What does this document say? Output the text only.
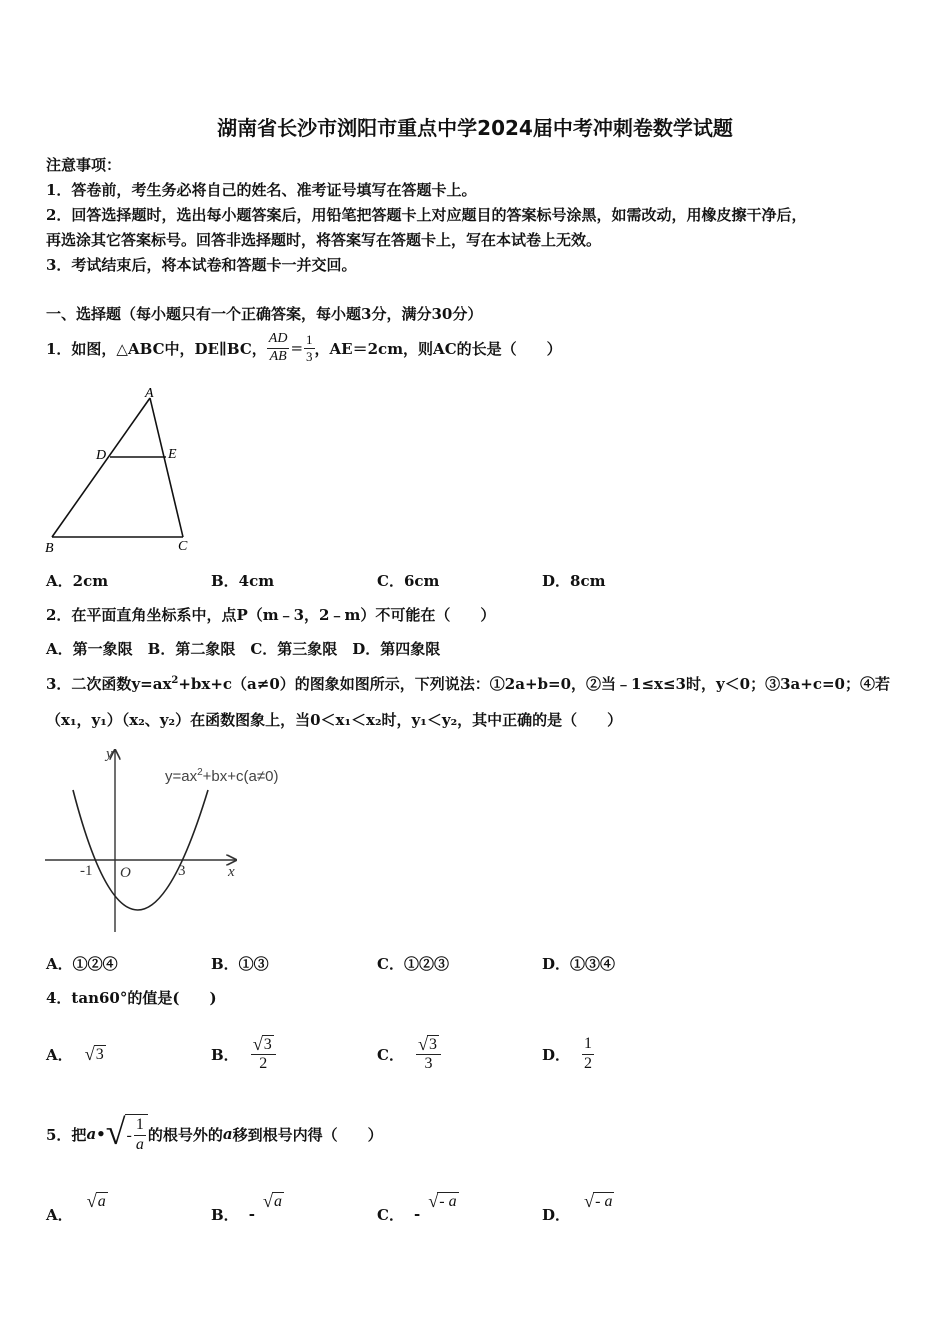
湖南省长沙市浏阳市重点中学2024届中考冲刺卷数学试题
注意事项：
1．答卷前，考生务必将自己的姓名、准考证号填写在答题卡上。
2．回答选择题时，选出每小题答案后，用铅笔把答题卡上对应题目的答案标号涂黑，如需改动，用橡皮擦干净后，
再选涂其它答案标号。回答非选择题时，将答案写在答题卡上，写在本试卷上无效。
3．考试结束后，将本试卷和答题卡一并交回。
一、选择题（每小题只有一个正确答案，每小题3分，满分30分）
1．如图，△ABC中，DE∥BC， $\frac{AD}{AB} = \frac{1}{3}$ ，AE＝2cm，则AC的长是（　　）
A
D	E
B	C
A．2cm	B．4cm	C．6cm	D．8cm
2．在平面直角坐标系中，点P（m﹣3，2﹣m）不可能在（　　）
A．第一象限　B．第二象限　C．第三象限　D．第四象限
3．二次函数$y=ax^2+bx+c(a\ne 0)$的图象如图所示，下列说法：①2a+b=0，②当﹣1≤x≤3时，y＜0；③3a+c=0；④若
（x₁，y₁）（x₂、y₂）在函数图象上，当0＜x₁＜x₂时，y₁＜y₂，其中正确的是（　　）
y
x
O
-1	3
$y=ax^2+bx+c(a\ne 0)$
A．①②④	B．①③	C．①②③	D．①③④
4．tan60°的值是(　　)
A． √ 3	B． $\frac{√ 3}{2}$	C． $\frac{√ 3}{3}$	D． $\frac{1}{2}$
5．把 a • √ - $\frac{1}{a}$ 的根号外的 a 移到根号内得（　　）
A．
√ a
B． -
√ a
C． -
√ - a
D．
√ - a
